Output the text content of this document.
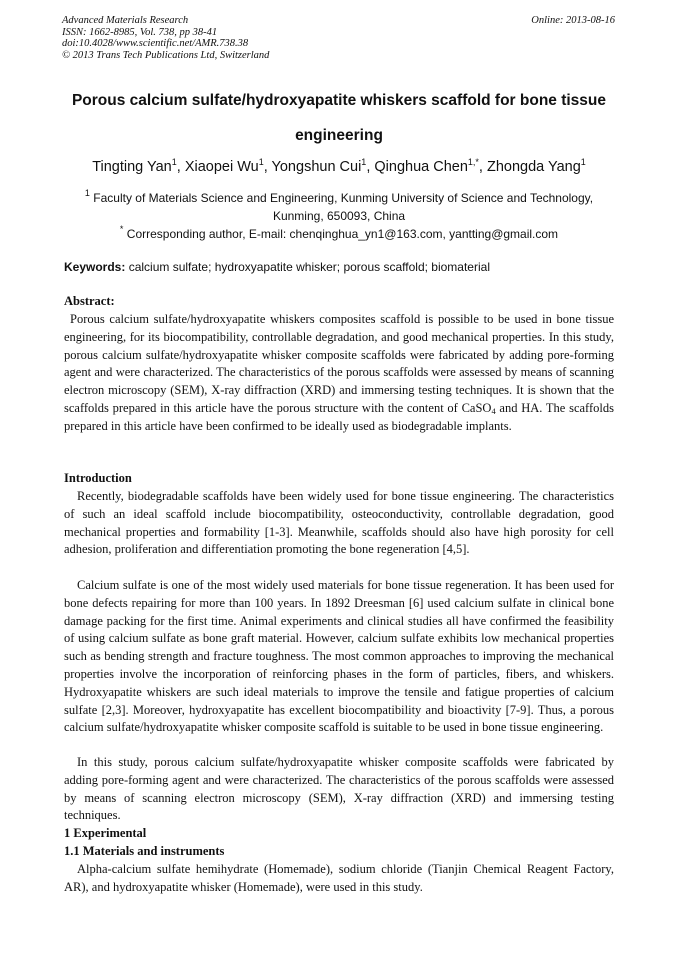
Advanced Materials Research
ISSN: 1662-8985, Vol. 738, pp 38-41
doi:10.4028/www.scientific.net/AMR.738.38
© 2013 Trans Tech Publications Ltd, Switzerland
Online: 2013-08-16
Porous calcium sulfate/hydroxyapatite whiskers scaffold for bone tissue
engineering
Tingting Yan$^1$, Xiaopei Wu$^1$, Yongshun Cui$^1$, Qinghua Chen$^{1,*}$, Zhongda Yang$^1$
$^1$ Faculty of Materials Science and Engineering, Kunming University of Science and Technology,
Kunming, 650093, China
* Corresponding author, E-mail: chenqinghua_yn1@163.com, yantting@gmail.com
Keywords: calcium sulfate; hydroxyapatite whisker; porous scaffold; biomaterial
Abstract:
Porous calcium sulfate/hydroxyapatite whiskers composites scaffold is possible to be used in bone tissue engineering, for its biocompatibility, controllable degradation, and good mechanical properties. In this study, porous calcium sulfate/hydroxyapatite whisker composite scaffolds were fabricated by adding pore-forming agent and were characterized. The characteristics of the porous scaffolds were assessed by means of scanning electron microscopy (SEM), X-ray diffraction (XRD) and immersing testing techniques. It is shown that the scaffolds prepared in this article have the porous structure with the content of CaSO$_4$ and HA. The scaffolds prepared in this article have been confirmed to be ideally used as biodegradable implants.
Introduction
Recently, biodegradable scaffolds have been widely used for bone tissue engineering. The characteristics of such an ideal scaffold include biocompatibility, osteoconductivity, controllable degradation, good mechanical properties and formability [1-3]. Meanwhile, scaffolds should also have high porosity for cell adhesion, proliferation and differentiation promoting the bone regeneration [4,5].
Calcium sulfate is one of the most widely used materials for bone tissue regeneration. It has been used for bone defects repairing for more than 100 years. In 1892 Dreesman [6] used calcium sulfate in clinical bone damage packing for the first time. Animal experiments and clinical studies all have confirmed the feasibility of using calcium sulfate as bone graft material. However, calcium sulfate exhibits low mechanical properties such as bending strength and fracture toughness. The most common approaches to improving the mechanical properties involve the incorporation of reinforcing phases in the form of particles, fibers, and whiskers. Hydroxyapatite whiskers are such ideal materials to improve the tensile and fatigue properties of calcium sulfate [2,3]. Moreover, hydroxyapatite has excellent biocompatibility and bioactivity [7-9]. Thus, a porous calcium sulfate/hydroxyapatite whisker composite scaffold is suitable to be used in bone tissue engineering.
In this study, porous calcium sulfate/hydroxyapatite whisker composite scaffolds were fabricated by adding pore-forming agent and were characterized. The characteristics of the porous scaffolds were assessed by means of scanning electron microscopy (SEM), X-ray diffraction (XRD) and immersing testing techniques.
1 Experimental
1.1 Materials and instruments
Alpha-calcium sulfate hemihydrate (Homemade), sodium chloride (Tianjin Chemical Reagent Factory, AR), and hydroxyapatite whisker (Homemade), were used in this study.
